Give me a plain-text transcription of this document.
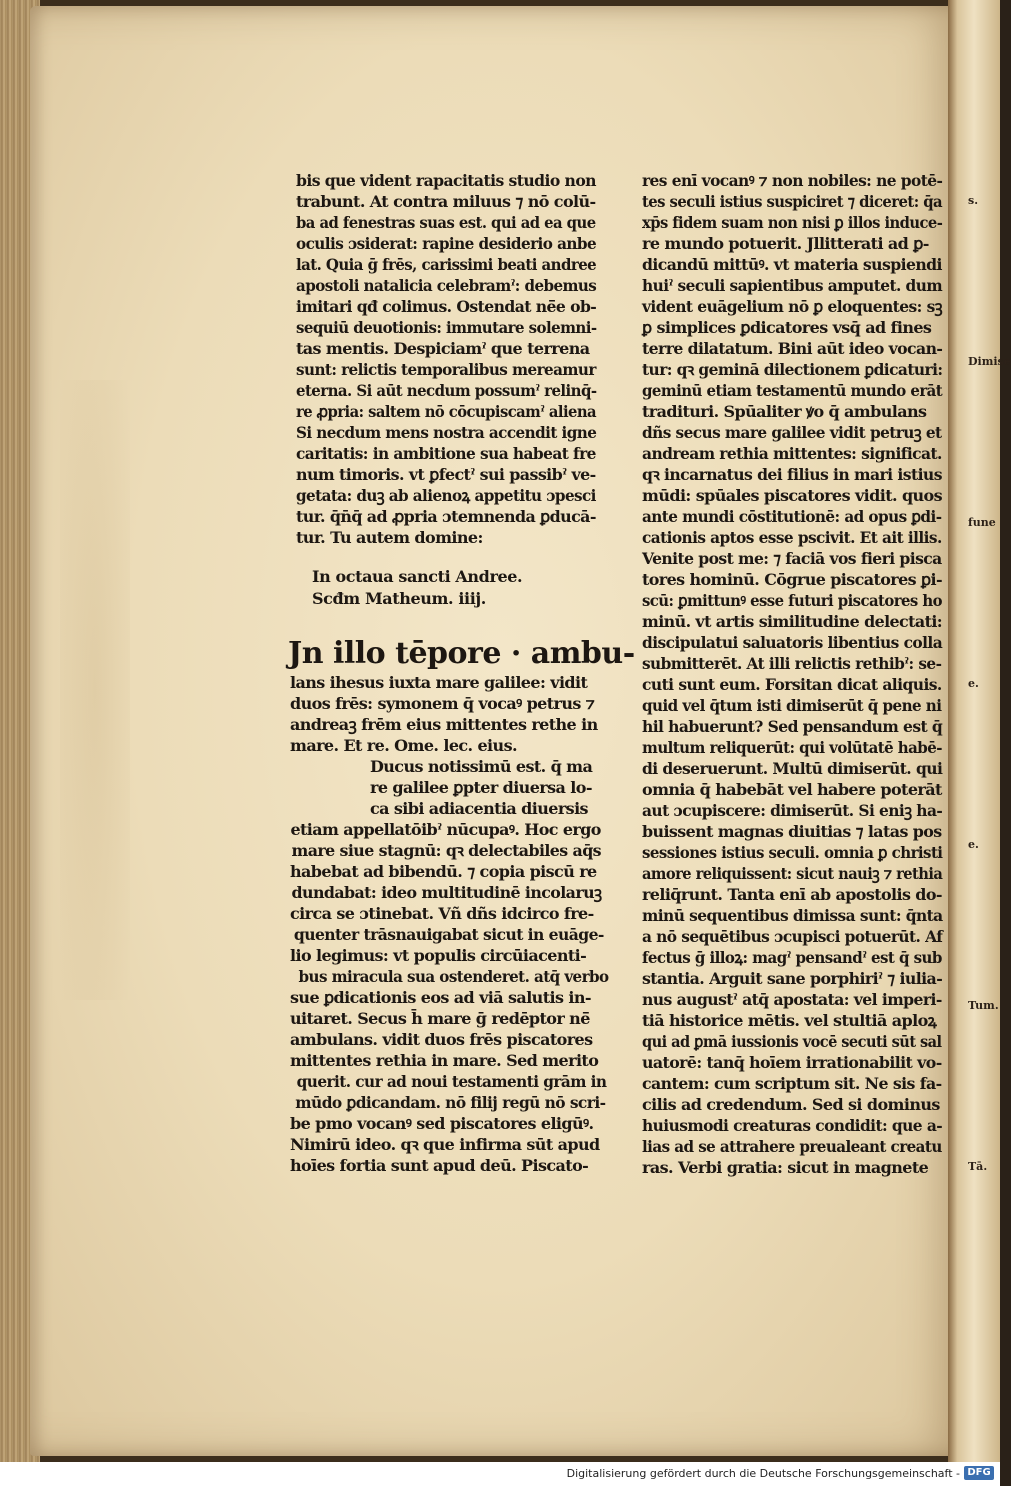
bis que vident rapacitatis studio non
trabunt. At contra miluus ⁊ nō colū-
ba ad fenestras suas est. qui ad ea que
oculis ɔsiderat: rapine desiderio anbe
lat. Quia ḡ frēs, carissimi beati andree
apostoli natalicia celebramˀ: debemus
imitari qđ colimus. Ostendat nē̄e ob-
sequiū deuotionis: immutare solemni-
tas mentis. Despiciamˀ que terrena
sunt: relictis temporalibus mereamur
eterna. Si aūt necdum possumˀ relinq̄-
re ꝓpria: saltem nō cōcupiscamˀ aliena
Si necdum mens nostra accendit igne
caritatis: in ambitione sua habeat fre
num timoris. vt ꝑfectˀ sui passibˀ ve-
getata: duꝫ ab alienoꝝ appetitu ɔpesci
tur. q̄n̄q̄ ad ꝓpria ɔtemnenda ꝑducā-
tur. Tu autem domine:
In octaua sancti Andree.
Scđm Matheum. iiij.
Jn illo tēpore · ambu-
lans ihesus iuxta mare galilee: vidit
duos frēs: symonem q̄ vocaꝰ petrus ⁊
andreaꝫ frēm eius mittentes rethe in
mare. Et re. Ome. lec. eius.
Ducus notissimū est. q̄ ma
re galilee ꝑpter diuersa lo-
ca sibi adiacentia diuersis
etiam appellatōibˀ nūcupaꝰ. Hoc ergo
mare siue stagnū: qꝛ delectabiles aq̄s
habebat ad bibendū. ⁊ copia piscū re
dundabat: ideo multitudinē incolaruꝫ
circa se ɔtinebat. Vñ dñs idcirco fre-
quenter trāsnauigabat sicut in euāge-
lio legimus: vt populis circūiacenti-
bus miracula sua ostenderet. atq̄ verbo
sue ꝑdicationis eos ad viā salutis in-
uitaret. Secus h̄ mare ḡ redēptor nē̄
ambulans. vidit duos frēs piscatores
mittentes rethia in mare. Sed merito
querit. cur ad noui testamenti grām in
mūdo ꝑdicandam. nō filij regū nō scri-
be pmo vocanꝰ sed piscatores eligūꝰ.
Nimirū ideo. qꝛ que infirma sūt apud
hoīes fortia sunt apud deū. Piscato-
res enī vocanꝰ ⁊ non nobiles: ne potē-
tes seculi istius suspiciret ⁊ diceret: q̄a
xp̄s fidem suam non nisi ꝑ illos induce-
re mundo potuerit. Jllitterati ad ꝑ-
dicandū mittūꝰ. vt materia suspiendi
huiˀ seculi sapientibus amputet. dum
vident euāgelium nō ꝑ eloquentes: sꝫ
ꝑ simplices ꝑdicatores vsq̄ ad fines
terre dilatatum. Bini aūt ideo vocan-
tur: qꝛ geminā dilectionem ꝑdicaturi:
geminū etiam testamentū mundo erāt
tradituri. Spūaliter ꝟo q̄ ambulans
dñs secus mare galilee vidit petruꝫ et
andream rethia mittentes: significat.
qꝛ incarnatus dei filius in mari istius
mūdi: spūales piscatores vidit. quos
ante mundi cōstitutionē: ad opus ꝑdi-
cationis aptos esse pscivit. Et ait illis.
Venite post me: ⁊ faciā vos fieri pisca
tores hominū. Cōgrue piscatores ꝑi-
scū: ꝑmittunꝰ esse futuri piscatores ho
minū. vt artis similitudine delectati:
discipulatui saluatoris libentius colla
submitterēt. At illi relictis rethibˀ: se-
cuti sunt eum. Forsitan dicat aliquis.
quid vel q̄tum isti dimiserūt q̄ pene ni
hil habuerunt? Sed pensandum est q̄
multum reliquerūt: qui volūtatē habē-
di deseruerunt. Multū dimiserūt. qui
omnia q̄ habebāt vel habere poterāt
aut ɔcupiscere: dimiserūt. Si eniꝫ ha-
buissent magnas diuitias ⁊ latas pos
sessiones istius seculi. omnia ꝑ christi
amore reliquissent: sicut nauiꝫ ⁊ rethia
reliq̄runt. Tanta enī ab apostolis do-
minū sequentibus dimissa sunt: q̄nta
a nō sequētibus ɔcupisci potuerūt. Af
fectus ḡ illoꝝ: magˀ pensandˀ est q̄ sub
stantia. Arguit sane porphiriˀ ⁊ iulia-
nus augustˀ atq̄ apostata: vel imperi-
tiā historice mētis. vel stultiā aploꝝ
qui ad ꝑmā iussionis vocē secuti sūt sal
uatorē: tanq̄ hoīem irrationabilit vo-
cantem: cum scriptum sit. Ne sis fa-
cilis ad credendum. Sed si dominus
huiusmodi creaturas condidit: que a-
lias ad se attrahere preualeant creatu
ras. Verbi gratia: sicut in magnete
s.
Dimise
fune
e.
e.
Tum.
Tā.
Digitalisierung gefördert durch die Deutsche Forschungsgemeinschaft - DFG
